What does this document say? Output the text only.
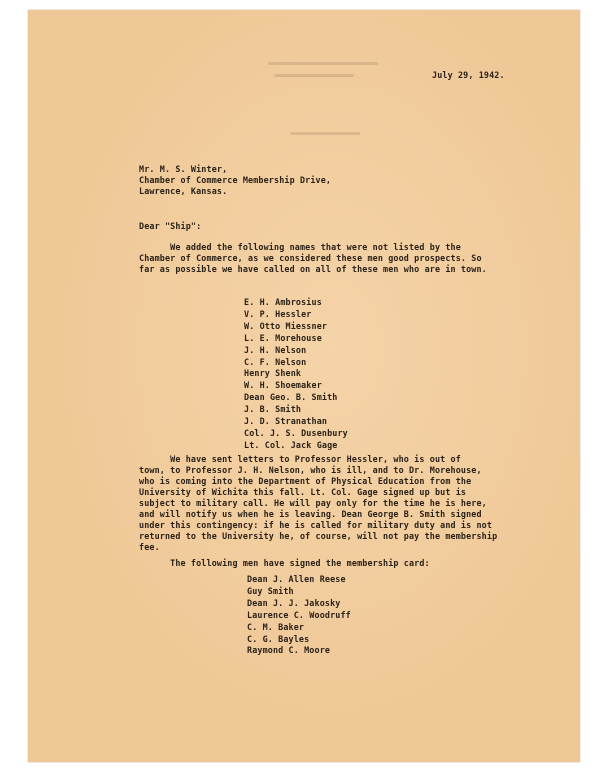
July 29, 1942.
Mr. M. S. Winter,
Chamber of Commerce Membership Drive,
Lawrence, Kansas.
Dear "Ship":
We added the following names that were not listed by the
Chamber of Commerce, as we considered these men good prospects. So
far as possible we have called on all of these men who are in town.
E. H. Ambrosius
V. P. Hessler
W. Otto Miessner
L. E. Morehouse
J. H. Nelson
C. F. Nelson
Henry Shenk
W. H. Shoemaker
Dean Geo. B. Smith
J. B. Smith
J. D. Stranathan
Col. J. S. Dusenbury
Lt. Col. Jack Gage
We have sent letters to Professor Hessler, who is out of
town, to Professor J. H. Nelson, who is ill, and to Dr. Morehouse,
who is coming into the Department of Physical Education from the
University of Wichita this fall. Lt. Col. Gage signed up but is
subject to military call. He will pay only for the time he is here,
and will notify us when he is leaving. Dean George B. Smith signed
under this contingency: if he is called for military duty and is not
returned to the University he, of course, will not pay the membership
fee.
The following men have signed the membership card:
Dean J. Allen Reese
Guy Smith
Dean J. J. Jakosky
Laurence C. Woodruff
C. M. Baker
C. G. Bayles
Raymond C. Moore
